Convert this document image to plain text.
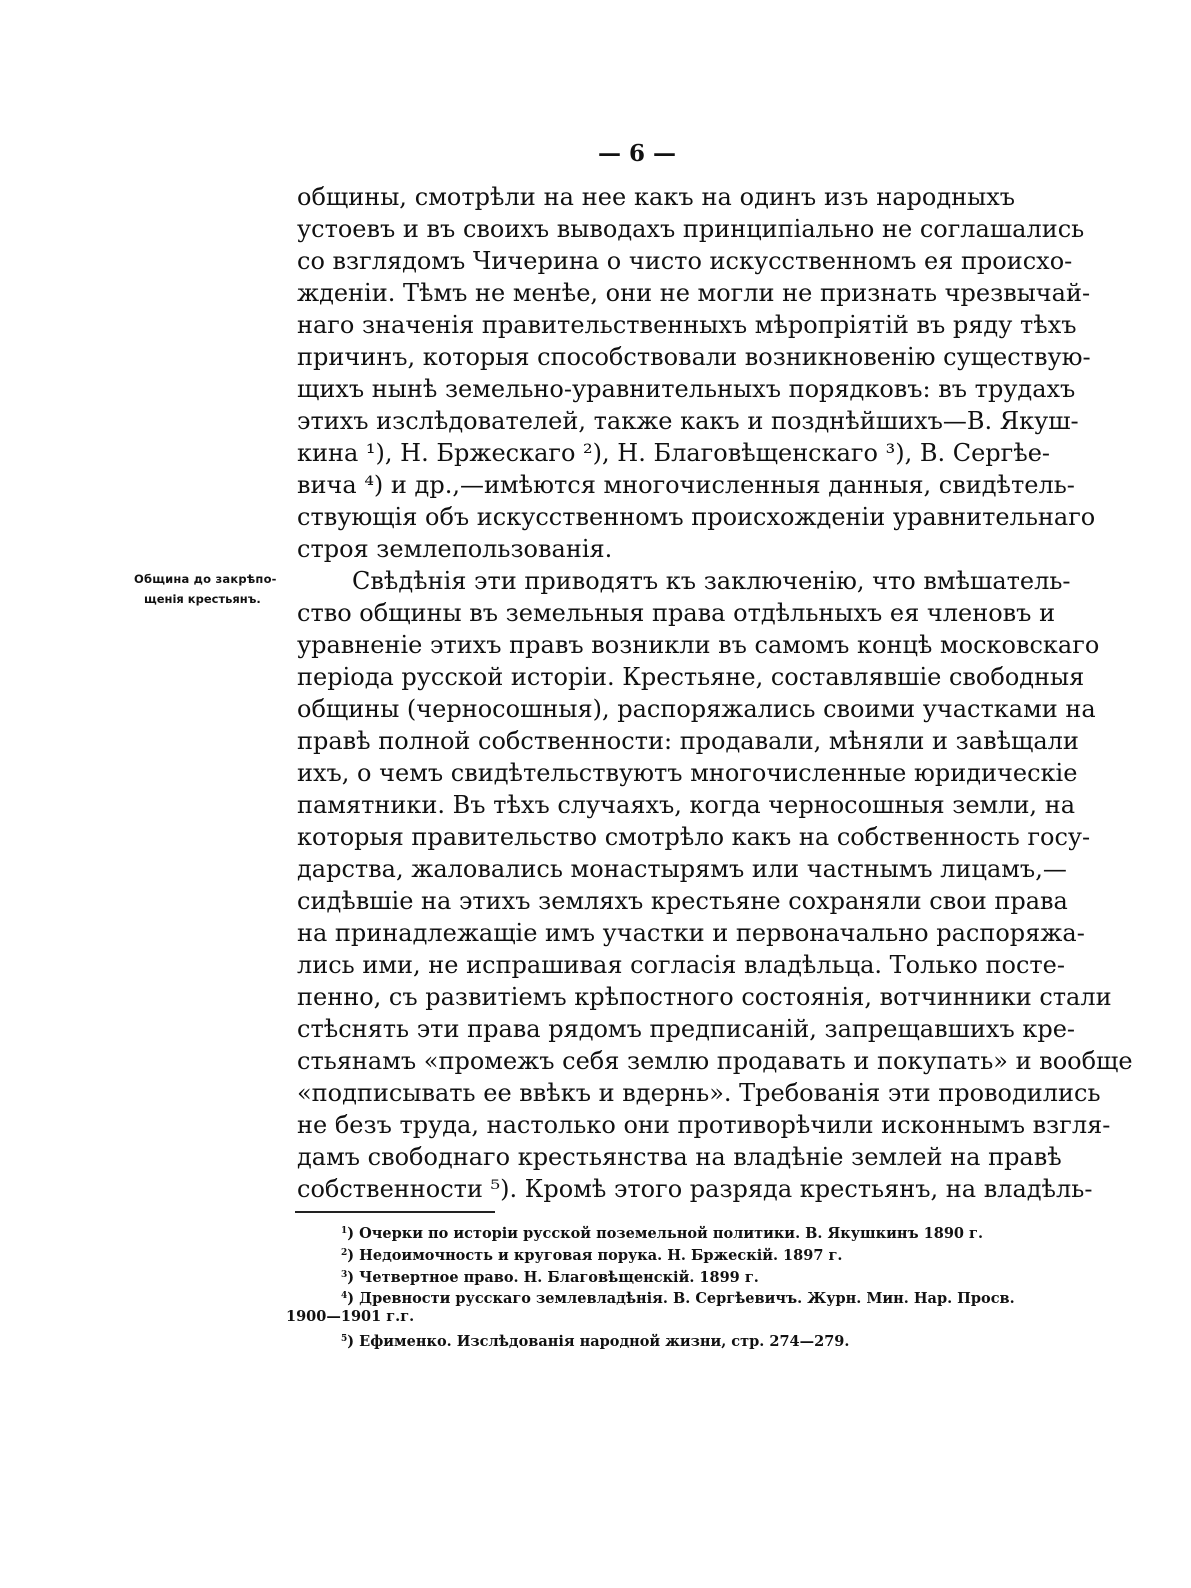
— 6 —
Община до закрѣпо-
щенія крестьянъ.
общины, смотрѣли на нее какъ на одинъ изъ народныхъ
устоевъ и въ своихъ выводахъ принципіально не соглашались
со взглядомъ Чичерина о чисто искусственномъ ея происхо-
жденіи. Тѣмъ не менѣе, они не могли не признать чрезвычай-
наго значенія правительственныхъ мѣропріятій въ ряду тѣхъ
причинъ, которыя способствовали возникновенію существую-
щихъ нынѣ земельно-уравнительныхъ порядковъ: въ трудахъ
этихъ изслѣдователей, также какъ и позднѣйшихъ—В. Якуш-
кина ¹), Н. Бржескаго ²), Н. Благовѣщенскаго ³), В. Сергѣе-
вича ⁴) и др.,—имѣются многочисленныя данныя, свидѣтель-
ствующія объ искусственномъ происхожденіи уравнительнаго
строя землепользованія.
Свѣдѣнія эти приводятъ къ заключенію, что вмѣшатель-
ство общины въ земельныя права отдѣльныхъ ея членовъ и
уравненіе этихъ правъ возникли въ самомъ концѣ московскаго
періода русской исторіи. Крестьяне, составлявшіе свободныя
общины (черносошныя), распоряжались своими участками на
правѣ полной собственности: продавали, мѣняли и завѣщали
ихъ, о чемъ свидѣтельствуютъ многочисленные юридическіе
памятники. Въ тѣхъ случаяхъ, когда черносошныя земли, на
которыя правительство смотрѣло какъ на собственность госу-
дарства, жаловались монастырямъ или частнымъ лицамъ,—
сидѣвшіе на этихъ земляхъ крестьяне сохраняли свои права
на принадлежащіе имъ участки и первоначально распоряжа-
лись ими, не испрашивая согласія владѣльца. Только посте-
пенно, съ развитіемъ крѣпостного состоянія, вотчинники стали
стѣснять эти права рядомъ предписаній, запрещавшихъ кре-
стьянамъ «промежъ себя землю продавать и покупать» и вообще
«подписывать ее ввѣкъ и вдернь». Требованія эти проводились
не безъ труда, настолько они противорѣчили исконнымъ взгля-
дамъ свободнаго крестьянства на владѣніе землей на правѣ
собственности ⁵). Кромѣ этого разряда крестьянъ, на владѣль-
$^1$) Очерки по исторіи русской поземельной политики. В. Якушкинъ 1890 г.
$^2$) Недоимочность и круговая порука. Н. Бржескій. 1897 г.
$^3$) Четвертное право. Н. Благовѣщенскій. 1899 г.
$^4$) Древности русскаго землевладѣнія. В. Сергѣевичъ. Журн. Мин. Нар. Просв.
1900—1901 г.г.
$^5$) Ефименко. Изслѣдованія народной жизни, стр. 274—279.
